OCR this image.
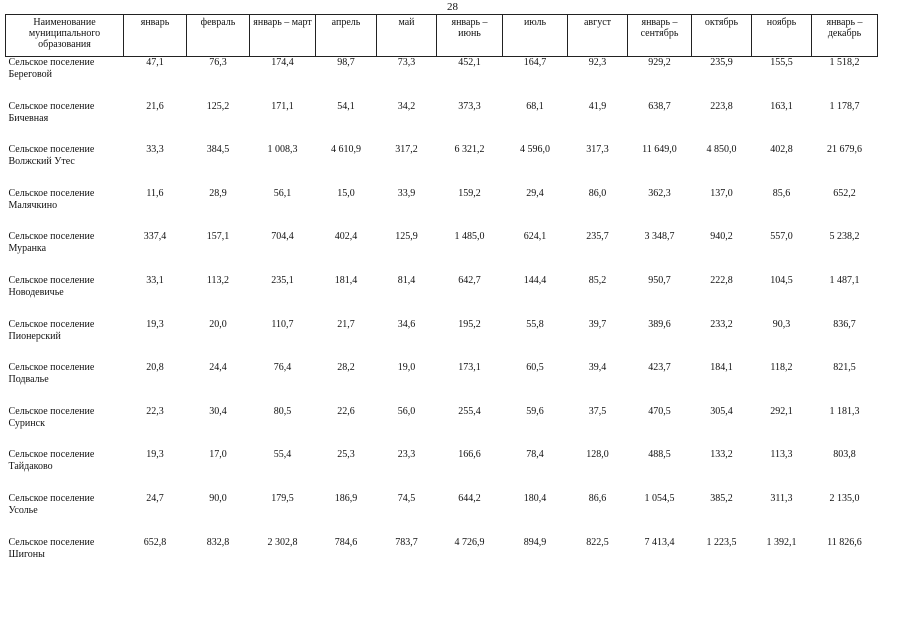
28
Наименование муниципального образования	январь	февраль	январь – март	апрель	май	январь – июнь	июль	август	январь – сентябрь	октябрь	ноябрь	январь – декабрь

Сельское поселение
Береговой	47,1	76,3	174,4	98,7	73,3	452,1	164,7	92,3	929,2	235,9	155,5	1 518,2

Сельское поселение
Бичевная	21,6	125,2	171,1	54,1	34,2	373,3	68,1	41,9	638,7	223,8	163,1	1 178,7

Сельское поселение
Волжский Утес	33,3	384,5	1 008,3	4 610,9	317,2	6 321,2	4 596,0	317,3	11 649,0	4 850,0	402,8	21 679,6

Сельское поселение
Малячкино	11,6	28,9	56,1	15,0	33,9	159,2	29,4	86,0	362,3	137,0	85,6	652,2

Сельское поселение
Муранка	337,4	157,1	704,4	402,4	125,9	1 485,0	624,1	235,7	3 348,7	940,2	557,0	5 238,2

Сельское поселение
Новодевичье	33,1	113,2	235,1	181,4	81,4	642,7	144,4	85,2	950,7	222,8	104,5	1 487,1

Сельское поселение
Пионерский	19,3	20,0	110,7	21,7	34,6	195,2	55,8	39,7	389,6	233,2	90,3	836,7

Сельское поселение
Подвалье	20,8	24,4	76,4	28,2	19,0	173,1	60,5	39,4	423,7	184,1	118,2	821,5

Сельское поселение
Суринск	22,3	30,4	80,5	22,6	56,0	255,4	59,6	37,5	470,5	305,4	292,1	1 181,3

Сельское поселение
Тайдаково	19,3	17,0	55,4	25,3	23,3	166,6	78,4	128,0	488,5	133,2	113,3	803,8

Сельское поселение
Усолье	24,7	90,0	179,5	186,9	74,5	644,2	180,4	86,6	1 054,5	385,2	311,3	2 135,0

Сельское поселение
Шигоны	652,8	832,8	2 302,8	784,6	783,7	4 726,9	894,9	822,5	7 413,4	1 223,5	1 392,1	11 826,6
